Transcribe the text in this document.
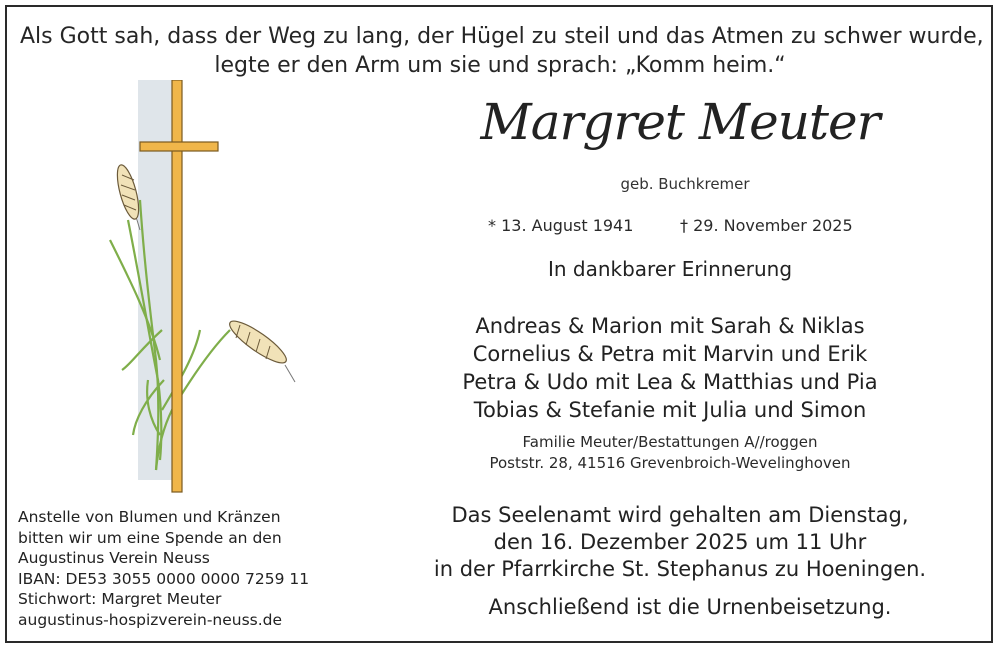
Als Gott sah, dass der Weg zu lang, der Hügel zu steil und das Atmen zu schwer wurde,
legte er den Arm um sie und sprach: „Komm heim.“
Margret Meuter
geb. Buchkremer
* 13. August 1941	† 29. November 2025
In dankbarer Erinnerung
Andreas & Marion mit Sarah & Niklas
Cornelius & Petra mit Marvin und Erik
Petra & Udo mit Lea & Matthias und Pia
Tobias & Stefanie mit Julia und Simon
Familie Meuter/Bestattungen A//roggen
Poststr. 28, 41516 Grevenbroich-Wevelinghoven
Das Seelenamt wird gehalten am Dienstag,
den 16. Dezember 2025 um 11 Uhr
in der Pfarrkirche St. Stephanus zu Hoeningen.
Anschließend ist die Urnenbeisetzung.
Anstelle von Blumen und Kränzen
bitten wir um eine Spende an den
Augustinus Verein Neuss
IBAN: DE53 3055 0000 0000 7259 11
Stichwort: Margret Meuter
augustinus-hospizverein-neuss.de
